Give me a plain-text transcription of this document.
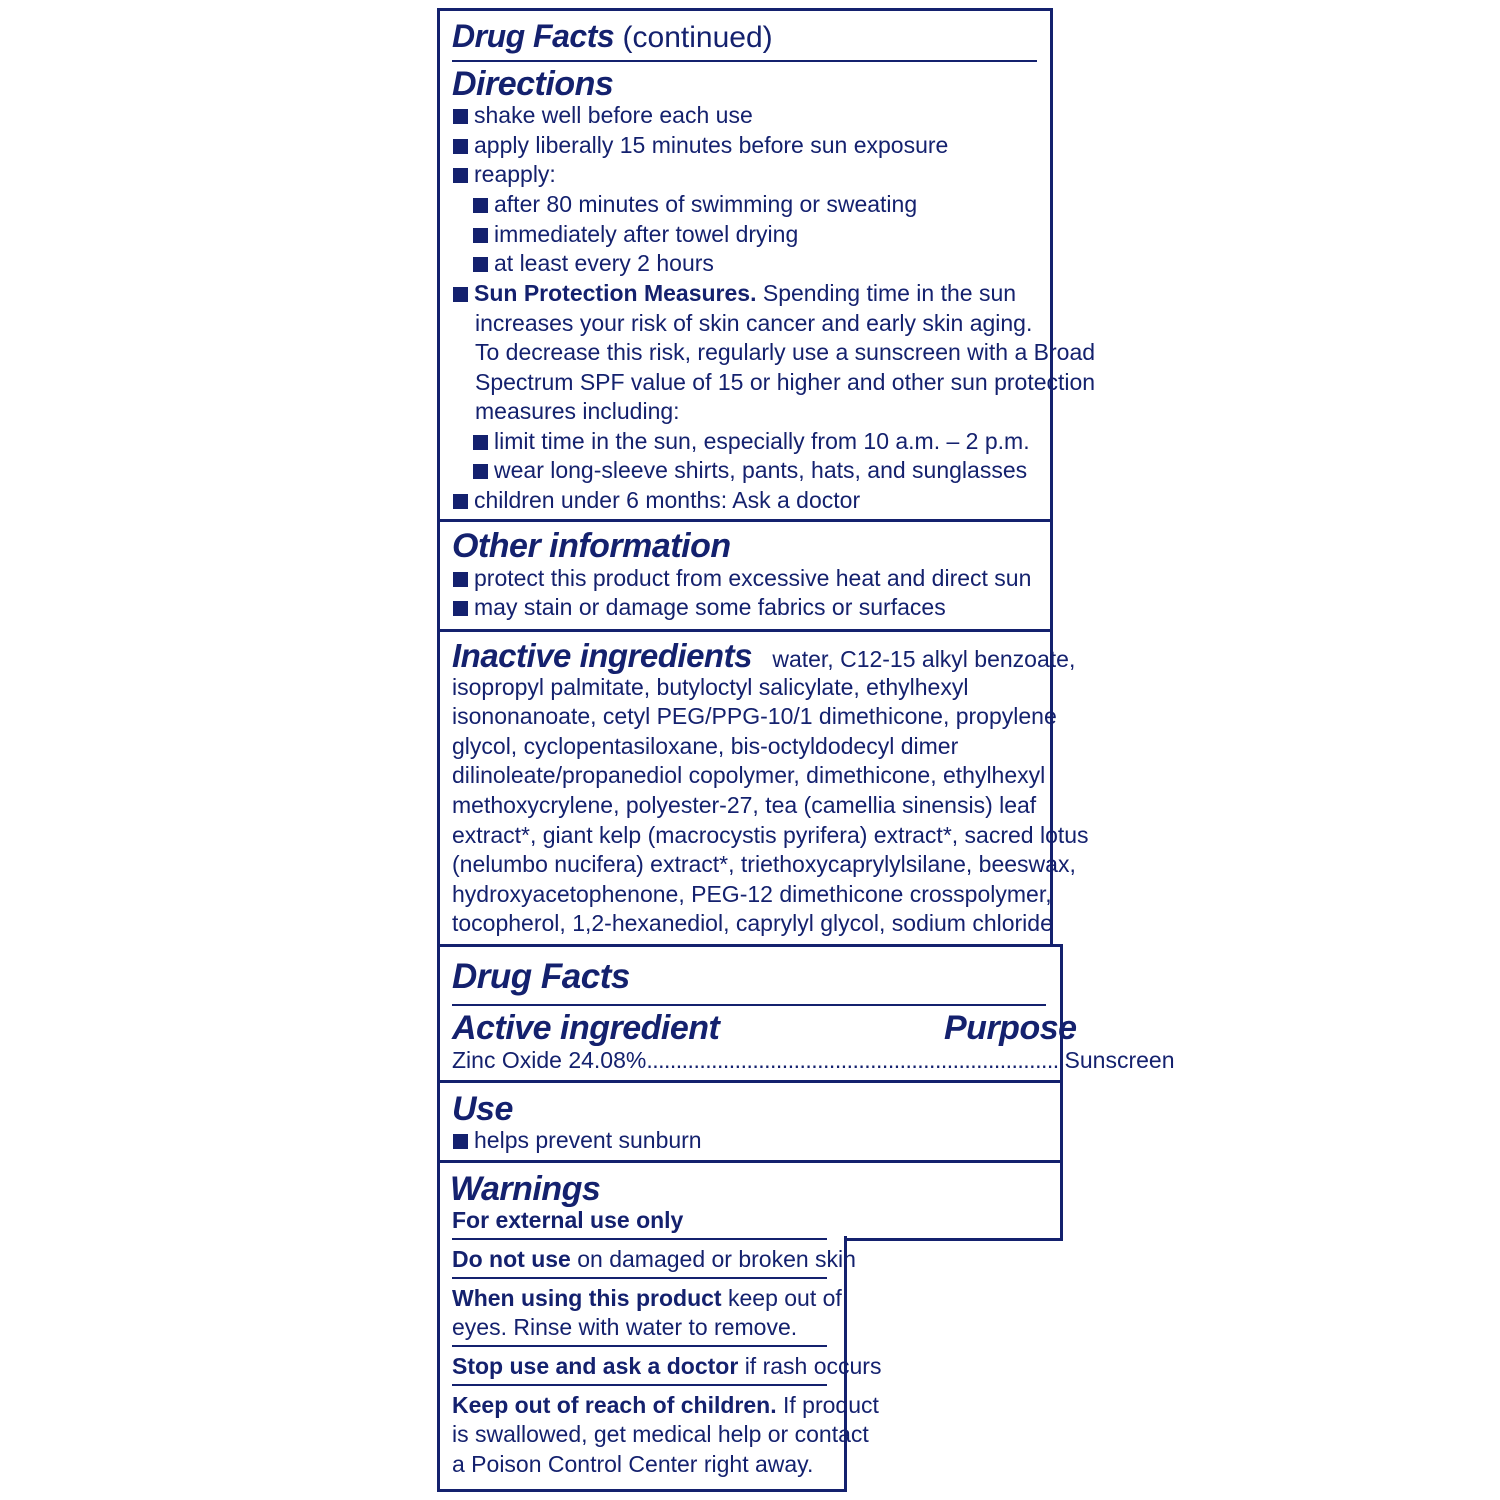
Drug Facts (continued)
Directions
shake well before each use
apply liberally 15 minutes before sun exposure
reapply:
after 80 minutes of swimming or sweating
immediately after towel drying
at least every 2 hours
Sun Protection Measures. Spending time in the sun
increases your risk of skin cancer and early skin aging.
To decrease this risk, regularly use a sunscreen with a Broad
Spectrum SPF value of 15 or higher and other sun protection
measures including:
limit time in the sun, especially from 10 a.m. – 2 p.m.
wear long-sleeve shirts, pants, hats, and sunglasses
children under 6 months: Ask a doctor
Other information
protect this product from excessive heat and direct sun
may stain or damage some fabrics or surfaces
Inactive ingredients water, C12-15 alkyl benzoate,
isopropyl palmitate, butyloctyl salicylate, ethylhexyl
isononanoate, cetyl PEG/PPG-10/1 dimethicone, propylene
glycol, cyclopentasiloxane, bis-octyldodecyl dimer
dilinoleate/propanediol copolymer, dimethicone, ethylhexyl
methoxycrylene, polyester-27, tea (camellia sinensis) leaf
extract*, giant kelp (macrocystis pyrifera) extract*, sacred lotus
(nelumbo nucifera) extract*, triethoxycaprylylsilane, beeswax,
hydroxyacetophenone, PEG-12 dimethicone crosspolymer,
tocopherol, 1,2-hexanediol, caprylyl glycol, sodium chloride
Drug Facts
Active ingredient	Purpose
Zinc Oxide 24.08% ....................................................................... Sunscreen
Use
helps prevent sunburn
Warnings
For external use only
Do not use on damaged or broken skin
When using this product keep out of
eyes. Rinse with water to remove.
Stop use and ask a doctor if rash occurs
Keep out of reach of children. If product
is swallowed, get medical help or contact
a Poison Control Center right away.
